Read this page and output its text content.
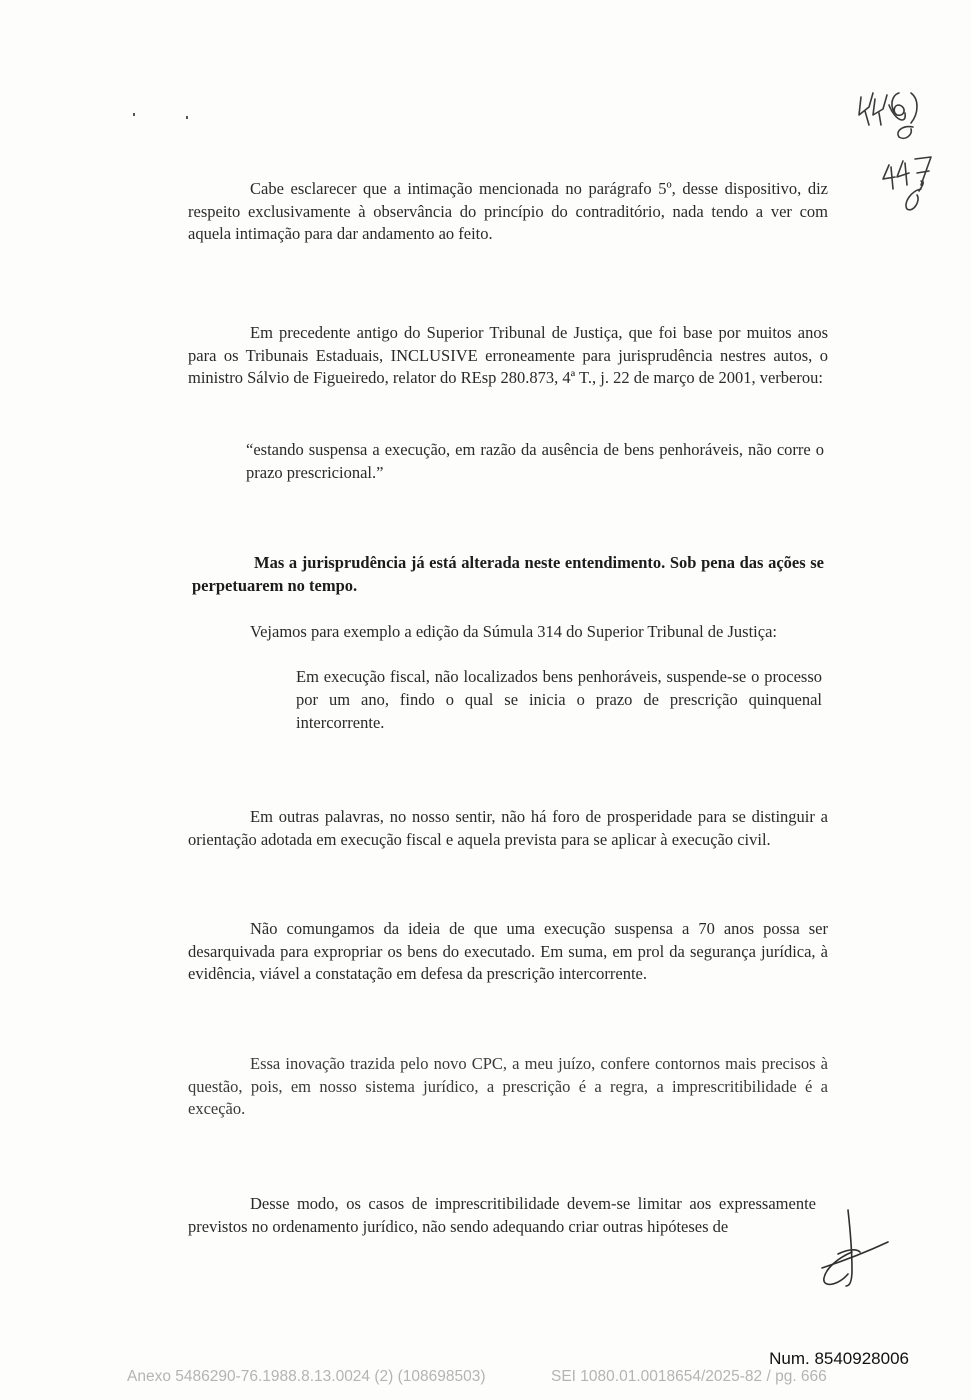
446

Cabe esclarecer que a intimação mencionada no parágrafo 5º, desse dispositivo, diz respeito exclusivamente à observância do princípio do contraditório, nada tendo a ver com aquela intimação para dar andamento ao feito.

Em precedente antigo do Superior Tribunal de Justiça, que foi base por muitos anos para os Tribunais Estaduais, INCLUSIVE erroneamente para jurisprudência nestres autos, o ministro Sálvio de Figueiredo, relator do REsp 280.873, 4ª T., j. 22 de março de 2001, verberou:

“estando suspensa a execução, em razão da ausência de bens penhoráveis, não corre o prazo prescricional.”

Mas a jurisprudência já está alterada neste entendimento. Sob pena das ações se perpetuarem no tempo.

Vejamos para exemplo a edição da Súmula 314 do Superior Tribunal de Justiça:

Em execução fiscal, não localizados bens penhoráveis, suspende-se o processo por um ano, findo o qual se inicia o prazo de prescrição quinquenal intercorrente.

Em outras palavras, no nosso sentir, não há foro de prosperidade para se distinguir a orientação adotada em execução fiscal e aquela prevista para se aplicar à execução civil.

Não comungamos da ideia de que uma execução suspensa a 70 anos possa ser desarquivada para expropriar os bens do executado. Em suma, em prol da segurança jurídica, à evidência, viável a constatação em defesa da prescrição intercorrente.

Essa inovação trazida pelo novo CPC, a meu juízo, confere contornos mais precisos à questão, pois, em nosso sistema jurídico, a prescrição é a regra, a imprescritibilidade é a exceção.

Desse modo, os casos de imprescritibilidade devem-se limitar aos expressamente previstos no ordenamento jurídico, não sendo adequando criar outras hipóteses de

Num. 8540928006
Anexo 5486290-76.1988.8.13.0024 (2) (108698503)	SEI 1080.01.0018654/2025-82 / pg. 666
